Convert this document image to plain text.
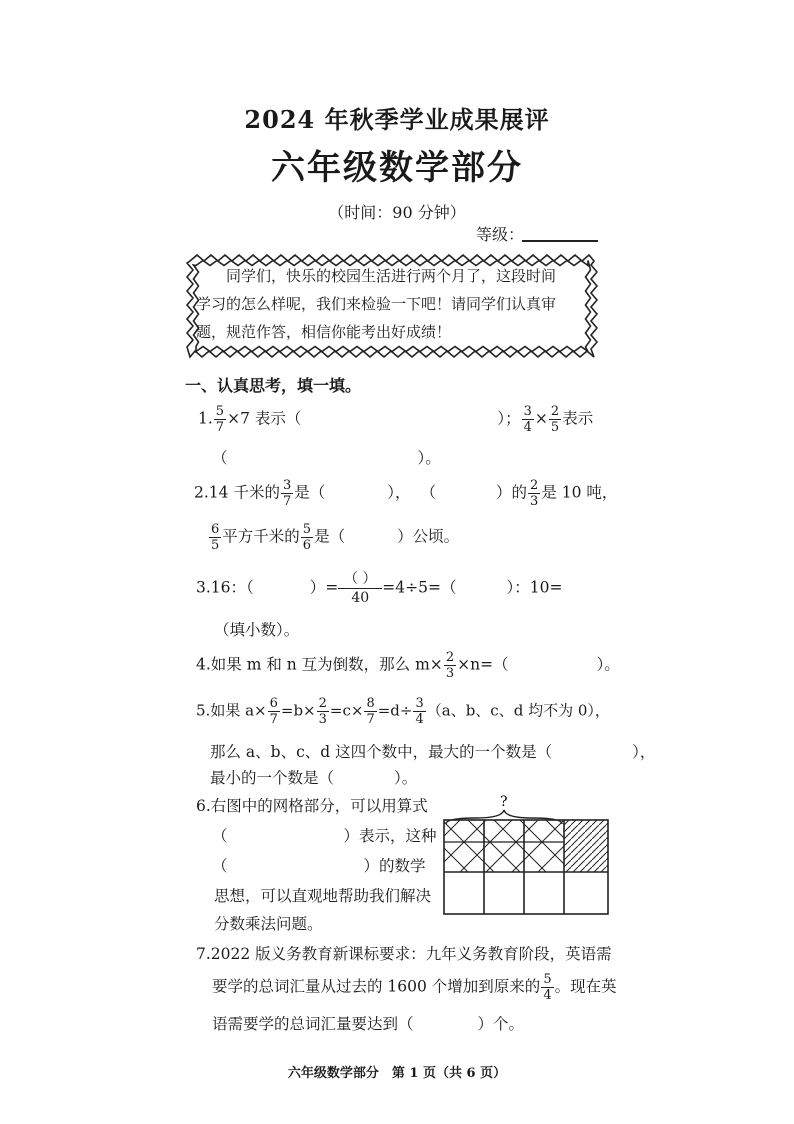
2024 年秋季学业成果展评
六年级数学部分
（时间：90 分钟）
等级：
同学们，快乐的校园生活进行两个月了，这段时间
学习的怎么样呢，我们来检验一下吧！请同学们认真审
题，规范作答，相信你能考出好成绩！
一、认真思考，填一填。
1. $\frac{5}{7} \times 7$ 表示（	）； $\frac{3}{4} \times \frac{2}{5}$ 表示
（	）。
2.14 千米的 $\frac{3}{7}$ 是（	）， （	）的 $\frac{2}{3}$ 是 10 吨，
$\frac{6}{5}$ 平方千米的 $\frac{5}{6}$ 是（	）公顷。
3.16：（	）= $\frac{( )}{40} =4\div 5=$（	）：10=
（填小数）。
4.如果 m 和 n 互为倒数，那么 $m\times \frac{2}{3} \times n=$（	）。
5.如果 $a\times \frac{6}{7} =b\times \frac{2}{3} =c\times \frac{8}{7} =d\div \frac{3}{4} (a$、b、c、d 均不为 0），
那么 a、b、c、d 这四个数中，最大的一个数是（	），
最小的一个数是（	）。
6.右图中的网格部分，可以用算式
（	）表示，这种
（	）的数学
思想，可以直观地帮助我们解决
分数乘法问题。
?
7.2022 版义务教育新课标要求：九年义务教育阶段，英语需
要学的总词汇量从过去的 1600 个增加到原来的 $\frac{5}{4}$ 。现在英
语需要学的总词汇量要达到（	）个。
六年级数学部分　第 1 页（共 6 页）
